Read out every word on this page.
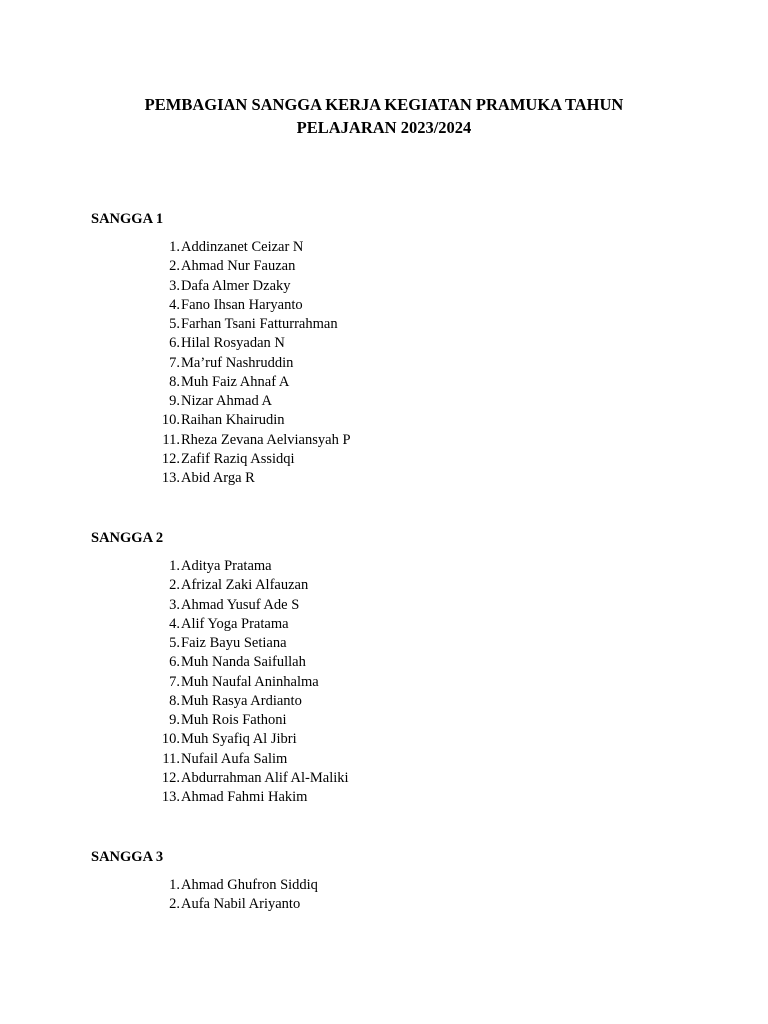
PEMBAGIAN SANGGA KERJA KEGIATAN PRAMUKA TAHUN
PELAJARAN 2023/2024
SANGGA 1
1. Addinzanet Ceizar N
2. Ahmad Nur Fauzan
3. Dafa Almer Dzaky
4. Fano Ihsan Haryanto
5. Farhan Tsani Fatturrahman
6. Hilal Rosyadan N
7. Ma’ruf Nashruddin
8. Muh Faiz Ahnaf A
9. Nizar Ahmad A
10. Raihan Khairudin
11. Rheza Zevana Aelviansyah P
12. Zafif Raziq Assidqi
13. Abid Arga R
SANGGA 2
1. Aditya Pratama
2. Afrizal Zaki Alfauzan
3. Ahmad Yusuf Ade S
4. Alif Yoga Pratama
5. Faiz Bayu Setiana
6. Muh Nanda Saifullah
7. Muh Naufal Aninhalma
8. Muh Rasya Ardianto
9. Muh Rois Fathoni
10. Muh Syafiq Al Jibri
11. Nufail Aufa Salim
12. Abdurrahman Alif Al-Maliki
13. Ahmad Fahmi Hakim
SANGGA 3
1. Ahmad Ghufron Siddiq
2. Aufa Nabil Ariyanto
